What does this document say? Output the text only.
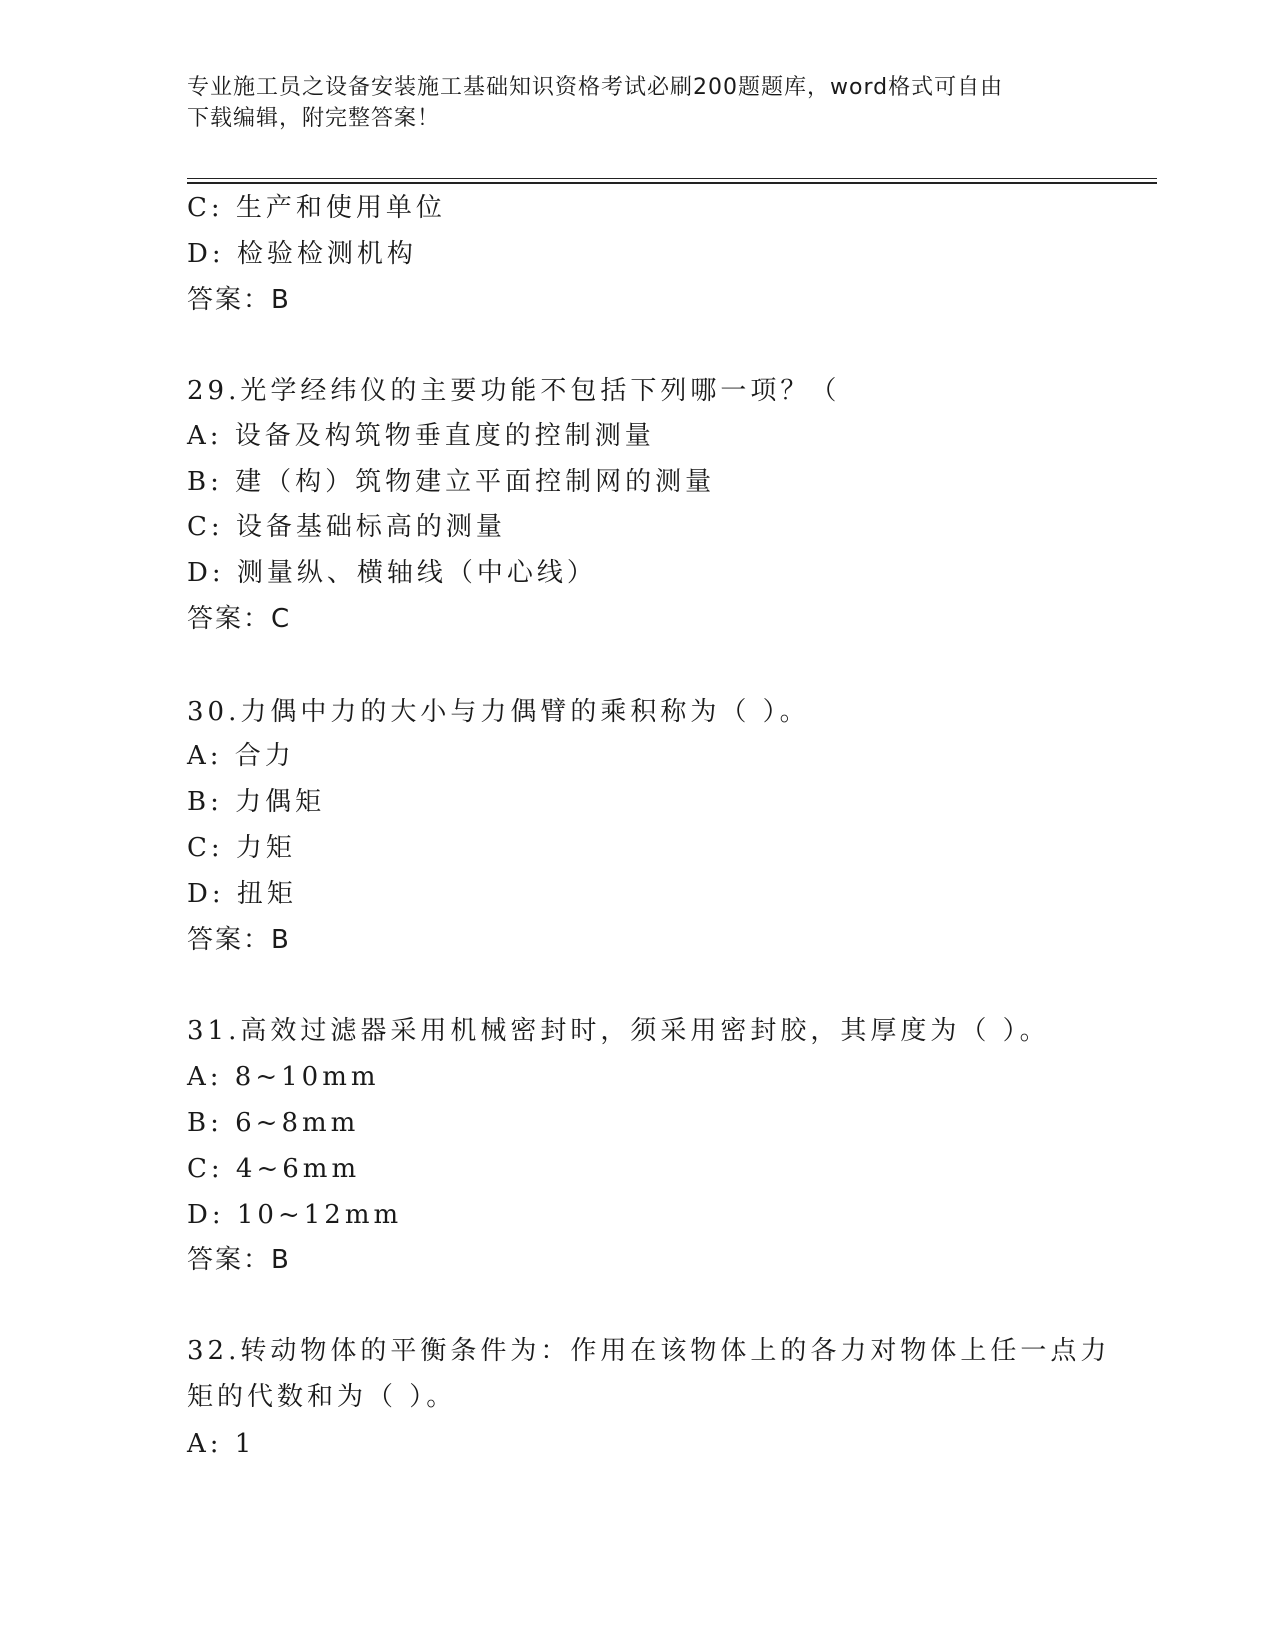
专业施工员之设备安装施工基础知识资格考试必刷200题题库，word格式可自由
下载编辑，附完整答案！
C: 生产和使用单位
D: 检验检测机构
答案：B
29.光学经纬仪的主要功能不包括下列哪一项？（
A: 设备及构筑物垂直度的控制测量
B: 建（构）筑物建立平面控制网的测量
C: 设备基础标高的测量
D: 测量纵、横轴线（中心线）
答案：C
30.力偶中力的大小与力偶臂的乘积称为（ ）。
A: 合力
B: 力偶矩
C: 力矩
D: 扭矩
答案：B
31.高效过滤器采用机械密封时，须采用密封胶，其厚度为（ ）。
A: 8~10mm
B: 6~8mm
C: 4~6mm
D: 10~12mm
答案：B
32.转动物体的平衡条件为：作用在该物体上的各力对物体上任一点力
矩的代数和为（ ）。
A: 1
